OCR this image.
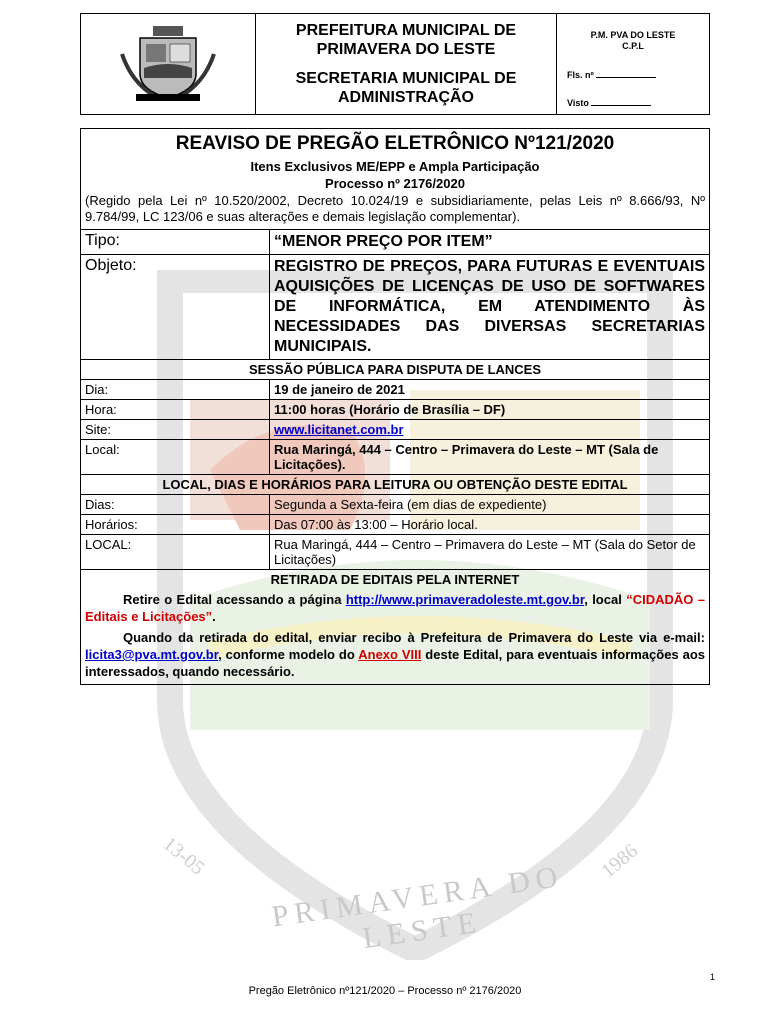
PRIMAVERA DO LESTE
13-05	1986
PREFEITURA MUNICIPAL DE
PRIMAVERA DO LESTE
SECRETARIA MUNICIPAL DE
ADMINISTRAÇÃO
P.M. PVA DO LESTE
C.P.L
Fls. nº
Visto
REAVISO DE PREGÃO ELETRÔNICO Nº121/2020
Itens Exclusivos ME/EPP e Ampla Participação
Processo nº 2176/2020
(Regido pela Lei nº 10.520/2002, Decreto 10.024/19 e subsidiariamente, pelas Leis nº 8.666/93, Nº 9.784/99, LC 123/06 e suas alterações e demais legislação complementar).
Tipo:	“MENOR PREÇO POR ITEM”
Objeto:	REGISTRO DE PREÇOS, PARA FUTURAS E EVENTUAIS AQUISIÇÕES DE LICENÇAS DE USO DE SOFTWARES DE INFORMÁTICA, EM ATENDIMENTO ÀS NECESSIDADES DAS DIVERSAS SECRETARIAS MUNICIPAIS.
SESSÃO PÚBLICA PARA DISPUTA DE LANCES	
Dia:	19 de janeiro de 2021
Hora:	11:00 horas (Horário de Brasília – DF)
Site:	www.licitanet.com.br
Local:	Rua Maringá, 444 – Centro – Primavera do Leste – MT (Sala de Licitações).
LOCAL, DIAS E HORÁRIOS PARA LEITURA OU OBTENÇÃO DESTE EDITAL	
Dias:	Segunda a Sexta-feira (em dias de expediente)
Horários:	Das 07:00 às 13:00 – Horário local.
LOCAL:	Rua Maringá, 444 – Centro – Primavera do Leste – MT (Sala do Setor de Licitações)
RETIRADA DE EDITAIS PELA INTERNET	

Retire o Edital acessando a página http://www.primaveradoleste.mt.gov.br, local “CIDADÃO – Editais e Licitações”.
Quando da retirada do edital, enviar recibo à Prefeitura de Primavera do Leste via e-mail: licita3@pva.mt.gov.br, conforme modelo do Anexo VIII deste Edital, para eventuais informações aos interessados, quando necessário.	
1
Pregão Eletrônico nº121/2020 – Processo nº 2176/2020
